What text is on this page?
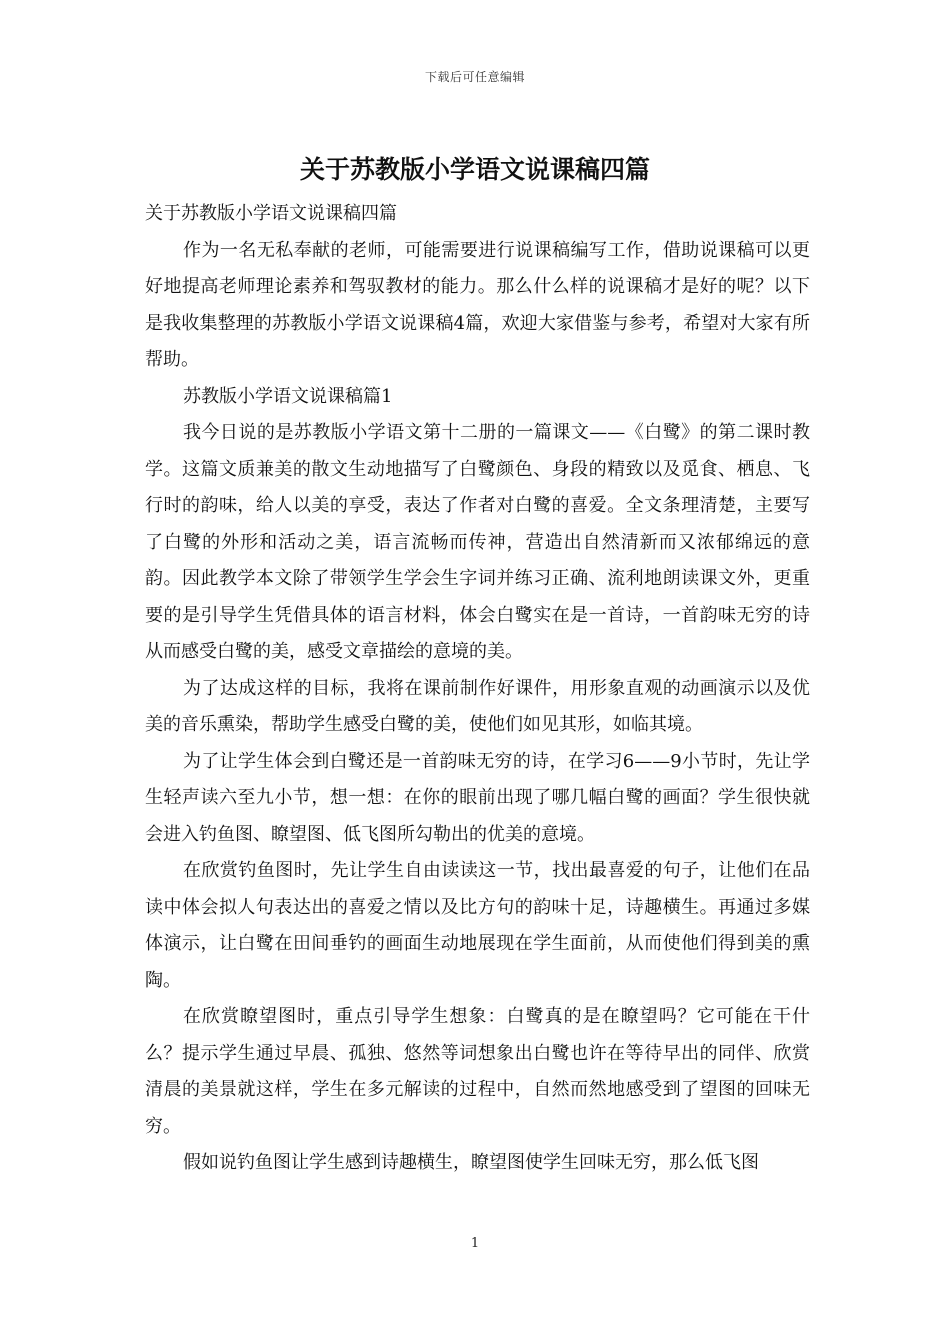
下载后可任意编辑
关于苏教版小学语文说课稿四篇

关于苏教版小学语文说课稿四篇

作为一名无私奉献的老师，可能需要进行说课稿编写工作，借助说课稿可以更好地提高老师理论素养和驾驭教材的能力。那么什么样的说课稿才是好的呢？以下是我收集整理的苏教版小学语文说课稿4篇，欢迎大家借鉴与参考，希望对大家有所帮助。

苏教版小学语文说课稿篇1

我今日说的是苏教版小学语文第十二册的一篇课文——《白鹭》的第二课时教学。这篇文质兼美的散文生动地描写了白鹭颜色、身段的精致以及觅食、栖息、飞行时的韵味，给人以美的享受，表达了作者对白鹭的喜爱。全文条理清楚，主要写了白鹭的外形和活动之美，语言流畅而传神，营造出自然清新而又浓郁绵远的意韵。因此教学本文除了带领学生学会生字词并练习正确、流利地朗读课文外，更重要的是引导学生凭借具体的语言材料，体会白鹭实在是一首诗，一首韵味无穷的诗从而感受白鹭的美，感受文章描绘的意境的美。

为了达成这样的目标，我将在课前制作好课件，用形象直观的动画演示以及优美的音乐熏染，帮助学生感受白鹭的美，使他们如见其形，如临其境。

为了让学生体会到白鹭还是一首韵味无穷的诗，在学习6——9小节时，先让学生轻声读六至九小节，想一想：在你的眼前出现了哪几幅白鹭的画面？学生很快就会进入钓鱼图、瞭望图、低飞图所勾勒出的优美的意境。

在欣赏钓鱼图时，先让学生自由读读这一节，找出最喜爱的句子，让他们在品读中体会拟人句表达出的喜爱之情以及比方句的韵味十足，诗趣横生。再通过多媒体演示，让白鹭在田间垂钓的画面生动地展现在学生面前，从而使他们得到美的熏陶。

在欣赏瞭望图时，重点引导学生想象：白鹭真的是在瞭望吗？它可能在干什么？提示学生通过早晨、孤独、悠然等词想象出白鹭也许在等待早出的同伴、欣赏清晨的美景就这样，学生在多元解读的过程中，自然而然地感受到了望图的回味无穷。

假如说钓鱼图让学生感到诗趣横生，瞭望图使学生回味无穷，那么低飞图

1
